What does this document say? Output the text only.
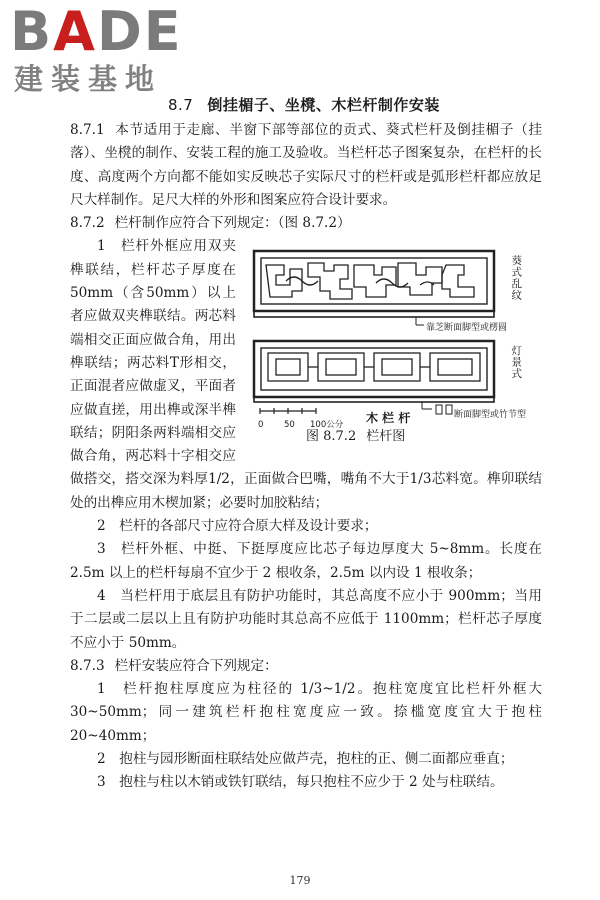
BADE
建装基地
8.7 倒挂楣子、坐櫈、木栏杆制作安装

8.7.1 本节适用于走廊、半窗下部等部位的贡式、葵式栏杆及倒挂楣子（挂落）、坐櫈的制作、安装工程的施工及验收。当栏杆芯子图案复杂，在栏杆的长度、高度两个方向都不能如实反映芯子实际尺寸的栏杆或是弧形栏杆都应放足尺大样制作。足尺大样的外形和图案应符合设计要求。

8.7.2 栏杆制作应符合下列规定：（图 8.7.2）

葵式乱纹
灯景式
靠芝断面脚型或楞圆
断面脚型或竹节型
0 50 100公分 木 栏 杆
图 8.7.2 栏杆图

1　栏杆外框应用双夹榫联结，栏杆芯子厚度在50mm（含50mm）以上者应做双夹榫联结。两芯料端相交正面应做合角，用出榫联结；两芯料T形相交，正面混者应做虚叉，平面者应做直搓，用出榫或深半榫联结；阴阳条两料端相交应做合角，两芯料十字相交应做搭交，搭交深为料厚1/2，正面做合巴嘴，嘴角不大于1/3芯料宽。榫卯联结处的出榫应用木楔加紧；必要时加胶粘结；

2　栏杆的各部尺寸应符合原大样及设计要求；

3　栏杆外框、中挺、下挺厚度应比芯子每边厚度大 5~8mm。长度在 2.5m 以上的栏杆每扇不宜少于 2 根收条，2.5m 以内设 1 根收条；

4　当栏杆用于底层且有防护功能时，其总高度不应小于 900mm；当用于二层或二层以上且有防护功能时其总高不应低于 1100mm；栏杆芯子厚度不应小于 50mm。

8.7.3 栏杆安装应符合下列规定：

1　栏杆抱柱厚度应为柱径的 1/3~1/2。抱柱宽度宜比栏杆外框大 30~50mm；同一建筑栏杆抱柱宽度应一致。捺槛宽度宜大于抱柱 20~40mm；

2　抱柱与园形断面柱联结处应做芦壳，抱柱的正、侧二面都应垂直；

3　抱柱与柱以木销或铁钉联结，每只抱柱不应少于 2 处与柱联结。

179
